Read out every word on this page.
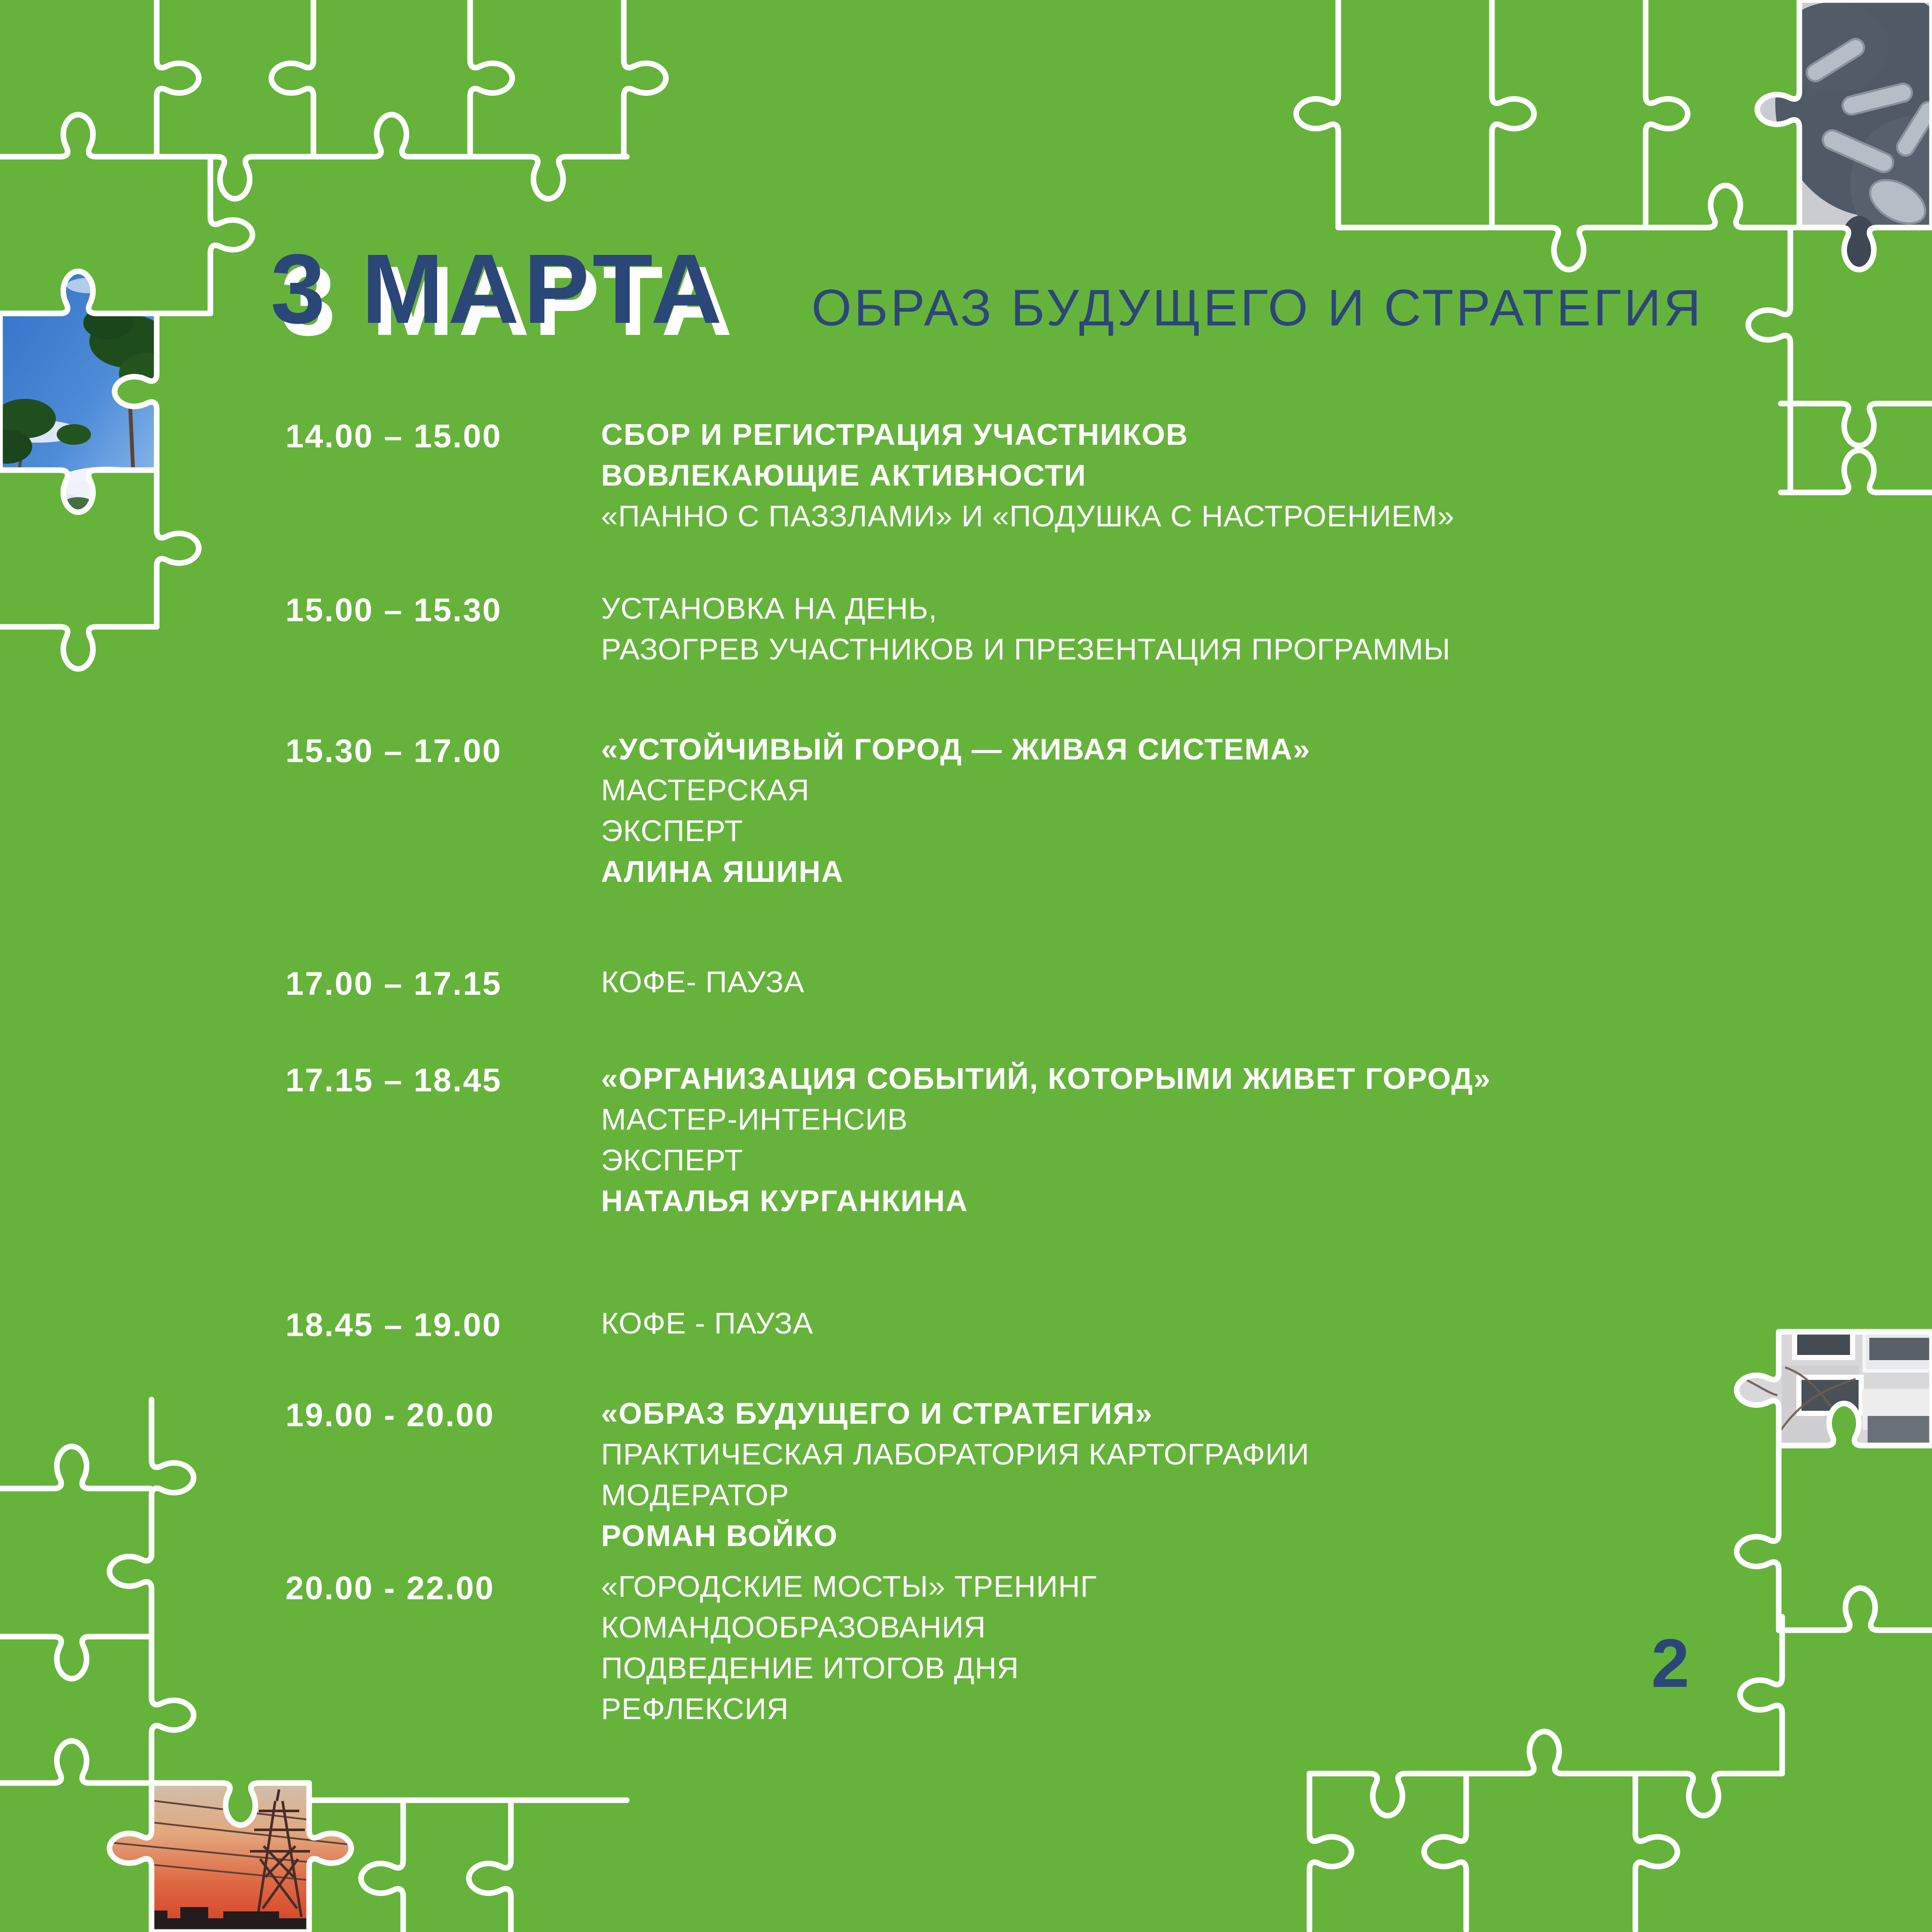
3 МАРТА ОБРАЗ БУДУЩЕГО И СТРАТЕГИЯ
14.00 – 15.00	СБОР И РЕГИСТРАЦИЯ УЧАСТНИКОВ
ВОВЛЕКАЮЩИЕ АКТИВНОСТИ
«ПАННО С ПАЗЗЛАМИ» И «ПОДУШКА С НАСТРОЕНИЕМ»
15.00 – 15.30	УСТАНОВКА НА ДЕНЬ,
РАЗОГРЕВ УЧАСТНИКОВ И ПРЕЗЕНТАЦИЯ ПРОГРАММЫ
15.30 – 17.00	«УСТОЙЧИВЫЙ ГОРОД — ЖИВАЯ СИСТЕМА»
МАСТЕРСКАЯ
ЭКСПЕРТ
АЛИНА ЯШИНА
17.00 – 17.15	КОФЕ- ПАУЗА
17.15 – 18.45	«ОРГАНИЗАЦИЯ СОБЫТИЙ, КОТОРЫМИ ЖИВЕТ ГОРОД»
МАСТЕР-ИНТЕНСИВ
ЭКСПЕРТ
НАТАЛЬЯ КУРГАНКИНА
18.45 – 19.00	КОФЕ - ПАУЗА
19.00 - 20.00	«ОБРАЗ БУДУЩЕГО И СТРАТЕГИЯ»
ПРАКТИЧЕСКАЯ ЛАБОРАТОРИЯ КАРТОГРАФИИ
МОДЕРАТОР
РОМАН ВОЙКО
20.00 - 22.00	«ГОРОДСКИЕ МОСТЫ» ТРЕНИНГ
КОМАНДООБРАЗОВАНИЯ
ПОДВЕДЕНИЕ ИТОГОВ ДНЯ
РЕФЛЕКСИЯ
2
